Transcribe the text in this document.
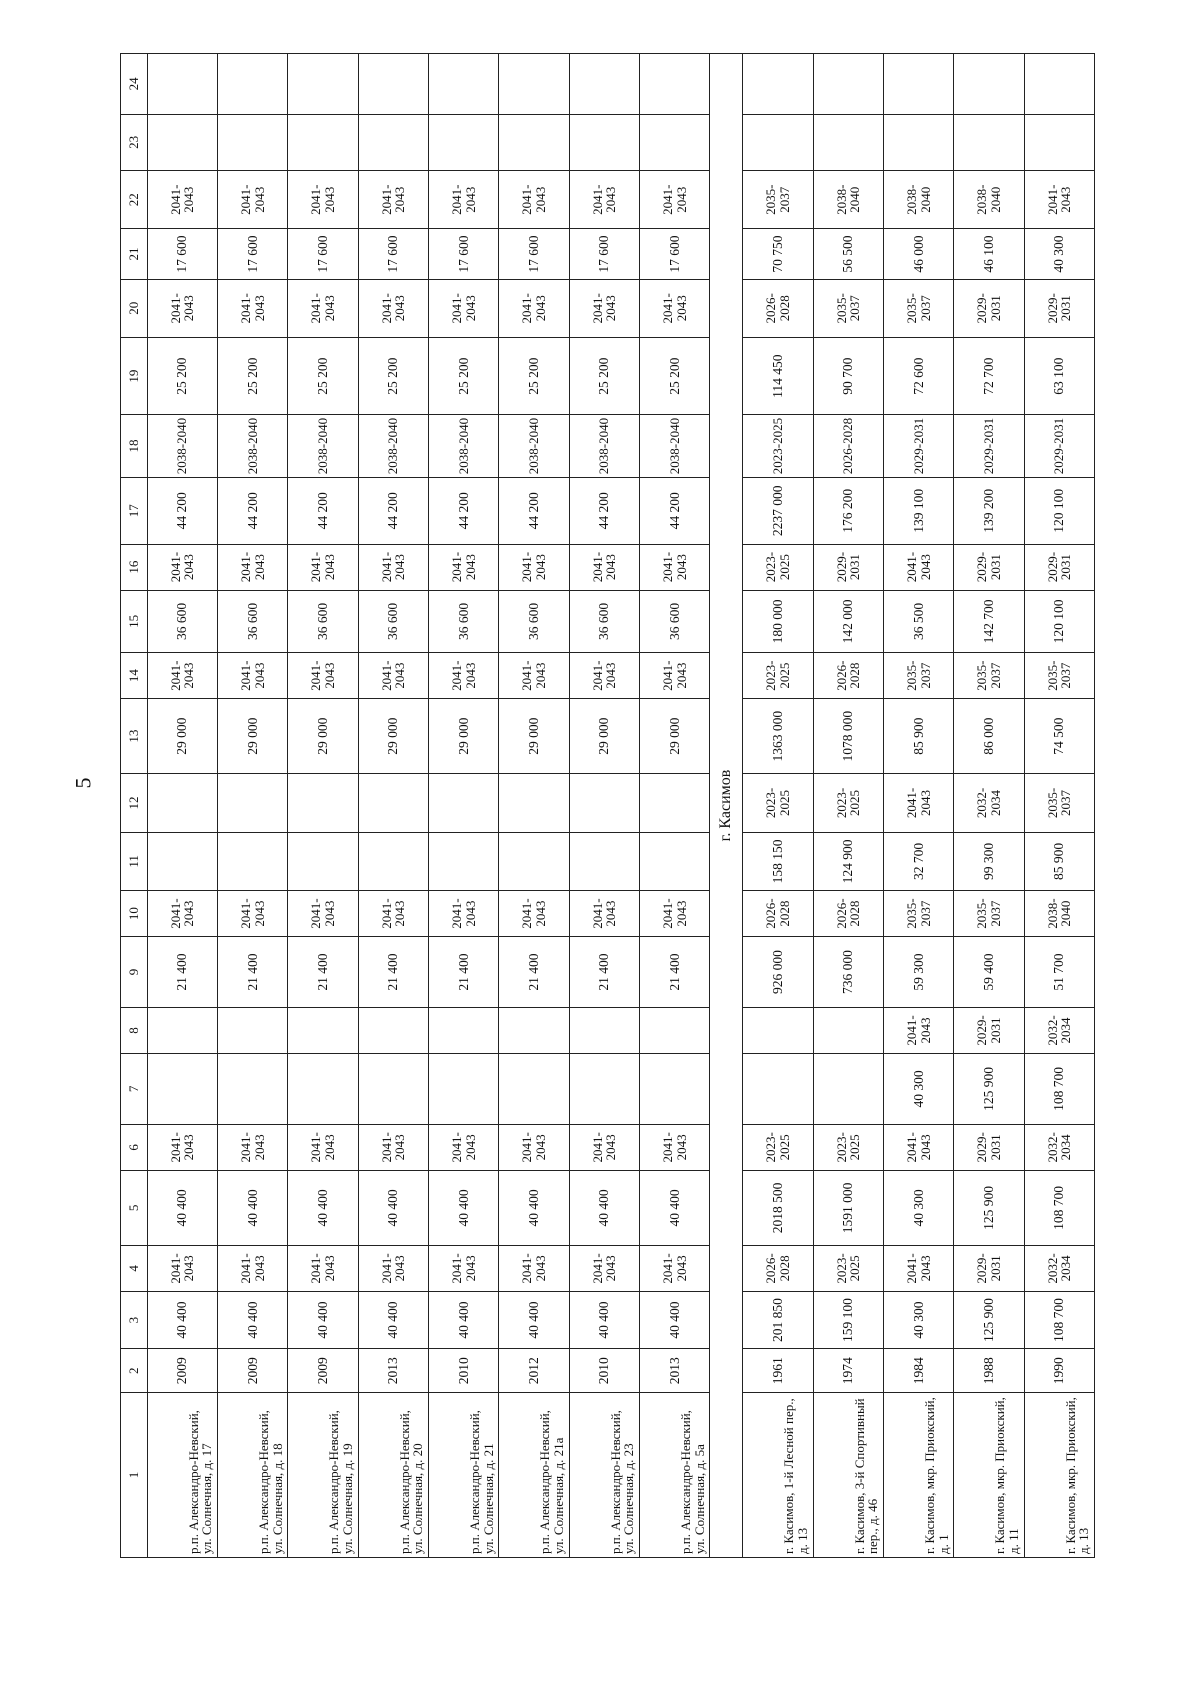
5
1	2	3	4	5	6	7	8	9	10	11	12	13	14	15	16	17	18	19	20	21	22	23	24
р.п. Александро-Невский, ул. Солнечная, д. 17	2009	40 400	2041-2043	40 400	2041-2043			21 400	2041-2043			29 000	2041-2043	36 600	2041-2043	44 200	2038-2040	25 200	2041-2043	17 600	2041-2043		
р.п. Александро-Невский, ул. Солнечная, д. 18	2009	40 400	2041-2043	40 400	2041-2043			21 400	2041-2043			29 000	2041-2043	36 600	2041-2043	44 200	2038-2040	25 200	2041-2043	17 600	2041-2043		
р.п. Александро-Невский, ул. Солнечная, д. 19	2009	40 400	2041-2043	40 400	2041-2043			21 400	2041-2043			29 000	2041-2043	36 600	2041-2043	44 200	2038-2040	25 200	2041-2043	17 600	2041-2043		
р.п. Александро-Невский, ул. Солнечная, д. 20	2013	40 400	2041-2043	40 400	2041-2043			21 400	2041-2043			29 000	2041-2043	36 600	2041-2043	44 200	2038-2040	25 200	2041-2043	17 600	2041-2043		
р.п. Александро-Невский, ул. Солнечная, д. 21	2010	40 400	2041-2043	40 400	2041-2043			21 400	2041-2043			29 000	2041-2043	36 600	2041-2043	44 200	2038-2040	25 200	2041-2043	17 600	2041-2043		
р.п. Александро-Невский, ул. Солнечная, д. 21а	2012	40 400	2041-2043	40 400	2041-2043			21 400	2041-2043			29 000	2041-2043	36 600	2041-2043	44 200	2038-2040	25 200	2041-2043	17 600	2041-2043		
р.п. Александро-Невский, ул. Солнечная, д. 23	2010	40 400	2041-2043	40 400	2041-2043			21 400	2041-2043			29 000	2041-2043	36 600	2041-2043	44 200	2038-2040	25 200	2041-2043	17 600	2041-2043		
р.п. Александро-Невский, ул. Солнечная, д. 5а	2013	40 400	2041-2043	40 400	2041-2043			21 400	2041-2043			29 000	2041-2043	36 600	2041-2043	44 200	2038-2040	25 200	2041-2043	17 600	2041-2043		
г. Касимов																							
г. Касимов, 1-й Лесной пер., д. 13	1961	201 850	2026-2028	2018 500	2023-2025			926 000	2026-2028	158 150	2023-2025	1363 000	2023-2025	180 000	2023-2025	2237 000	2023-2025	114 450	2026-2028	70 750	2035-2037		
г. Касимов, 3-й Спортивный пер., д. 46	1974	159 100	2023-2025	1591 000	2023-2025			736 000	2026-2028	124 900	2023-2025	1078 000	2026-2028	142 000	2029-2031	176 200	2026-2028	90 700	2035-2037	56 500	2038-2040		
г. Касимов, мкр. Приокский, д. 1	1984	40 300	2041-2043	40 300	2041-2043	40 300	2041-2043	59 300	2035-2037	32 700	2041-2043	85 900	2035-2037	36 500	2041-2043	139 100	2029-2031	72 600	2035-2037	46 000	2038-2040		
г. Касимов, мкр. Приокский, д. 11	1988	125 900	2029-2031	125 900	2029-2031	125 900	2029-2031	59 400	2035-2037	99 300	2032-2034	86 000	2035-2037	142 700	2029-2031	139 200	2029-2031	72 700	2029-2031	46 100	2038-2040		
г. Касимов, мкр. Приокский, д. 13	1990	108 700	2032-2034	108 700	2032-2034	108 700	2032-2034	51 700	2038-2040	85 900	2035-2037	74 500	2035-2037	120 100	2029-2031	120 100	2029-2031	63 100	2029-2031	40 300	2041-2043		
